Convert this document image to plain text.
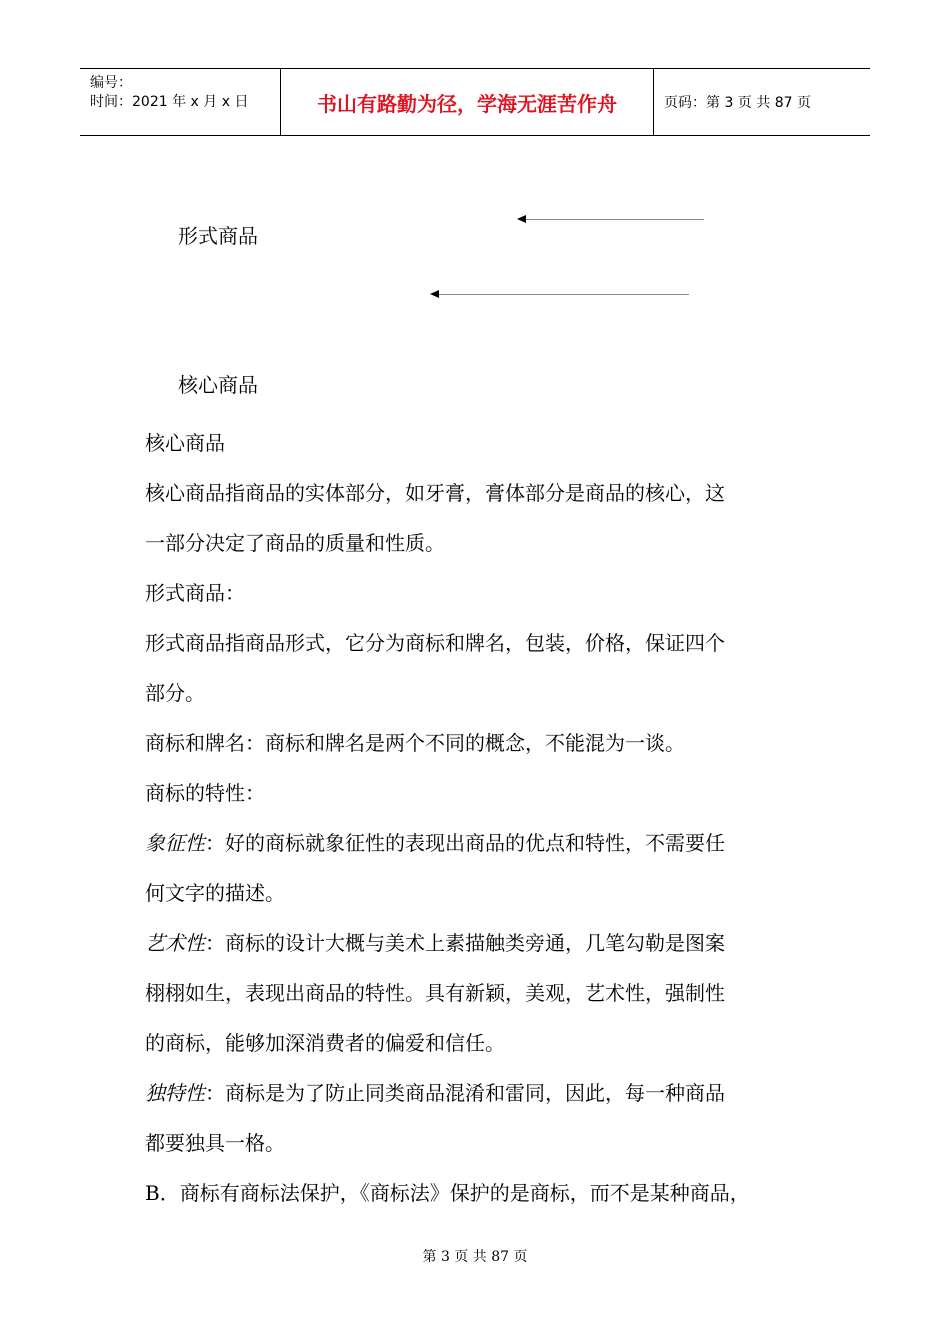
编号：
时间：2021 年 x 月 x 日	书山有路勤为径，学海无涯苦作舟	页码：第 3 页 共 87 页
形式商品
核心商品

核心商品

核心商品指商品的实体部分，如牙膏，膏体部分是商品的核心，这

一部分决定了商品的质量和性质。

形式商品：

形式商品指商品形式，它分为商标和牌名，包装，价格，保证四个

部分。

商标和牌名：商标和牌名是两个不同的概念，不能混为一谈。

商标的特性：

象征性：好的商标就象征性的表现出商品的优点和特性，不需要任

何文字的描述。

艺术性：商标的设计大概与美术上素描触类旁通，几笔勾勒是图案

栩栩如生，表现出商品的特性。具有新颖，美观，艺术性，强制性

的商标，能够加深消费者的偏爱和信任。

独特性：商标是为了防止同类商品混淆和雷同，因此，每一种商品

都要独具一格。

B．商标有商标法保护，《商标法》保护的是商标，而不是某种商品，

第 3 页 共 87 页
